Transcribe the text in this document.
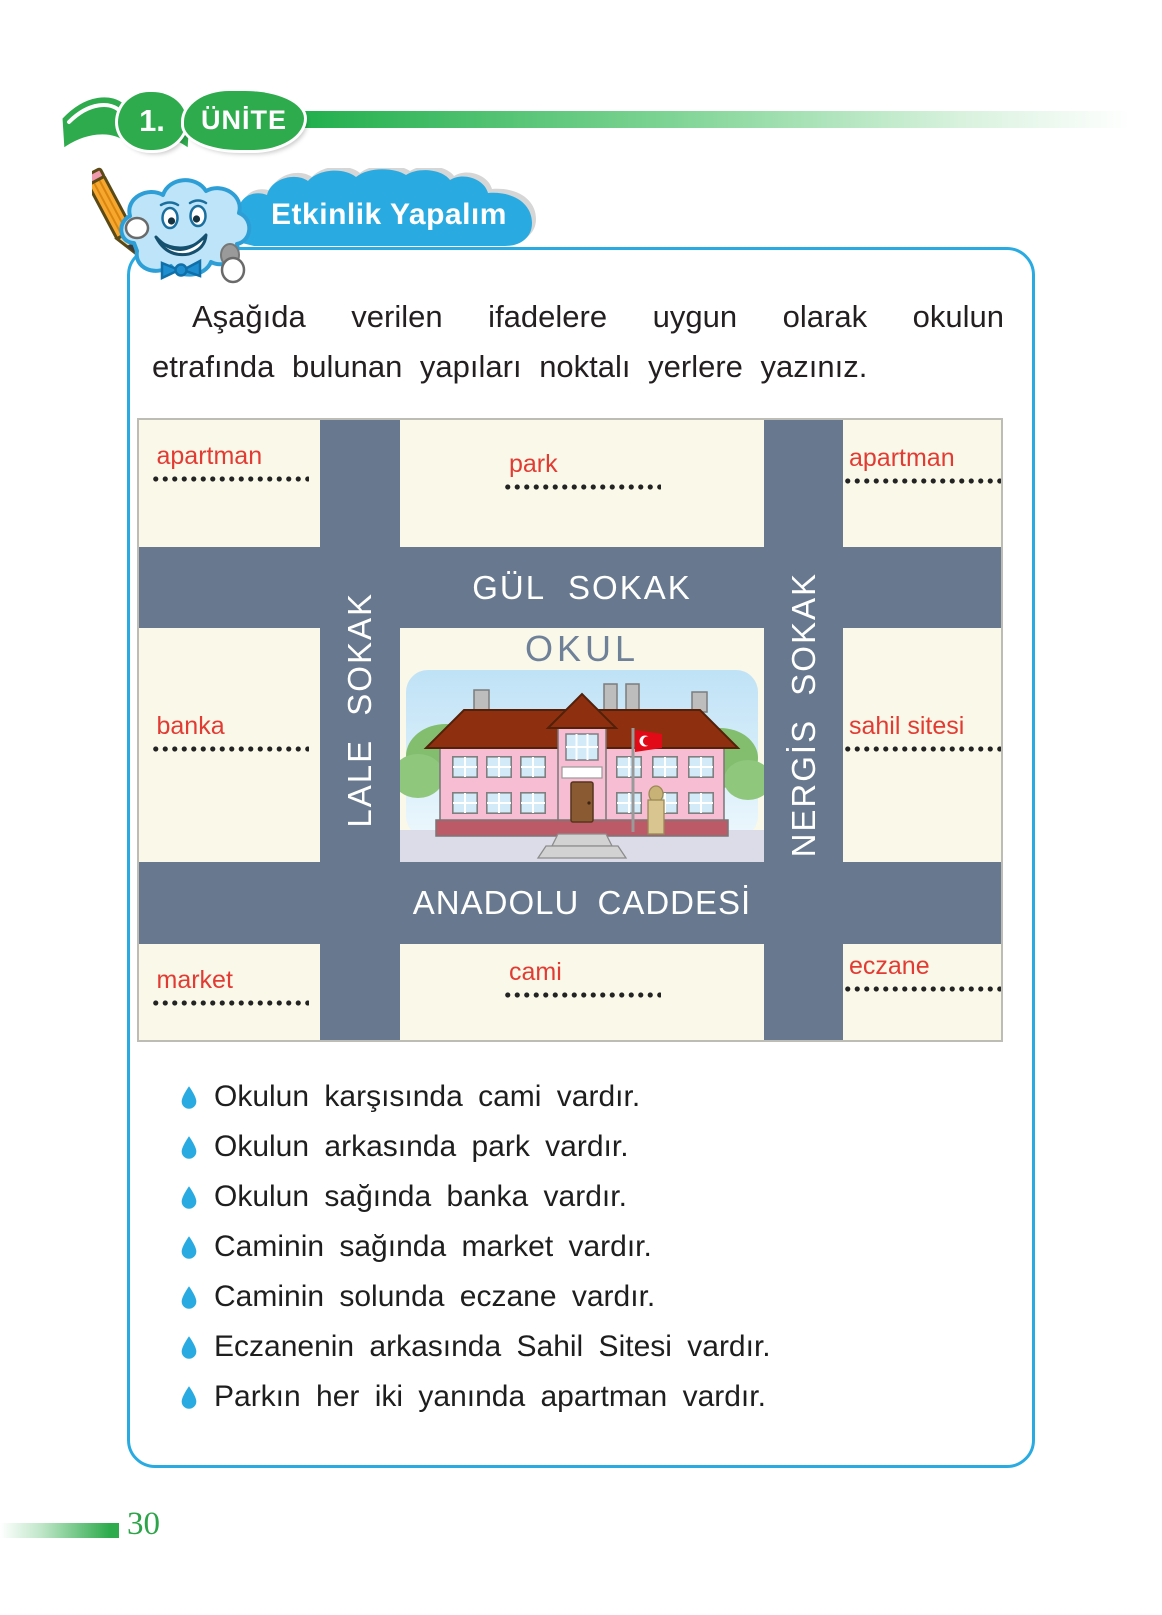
1. ÜNİTE
Etkinlik Yapalım

Aşağıda verilen ifadelere uygun olarak okulun etrafında bulunan yapıları noktalı yerlere yazınız.

GÜL SOKAK
ANADOLU CADDESİ
LALE SOKAK	NERGİS SOKAK
apartman	park	apartman
banka	sahil sitesi
market	cami	eczane
OKUL
Okulun karşısında cami vardır.
Okulun arkasında park vardır.
Okulun sağında banka vardır.
Caminin sağında market vardır.
Caminin solunda eczane vardır.
Eczanenin arkasında Sahil Sitesi vardır.
Parkın her iki yanında apartman vardır.
30
